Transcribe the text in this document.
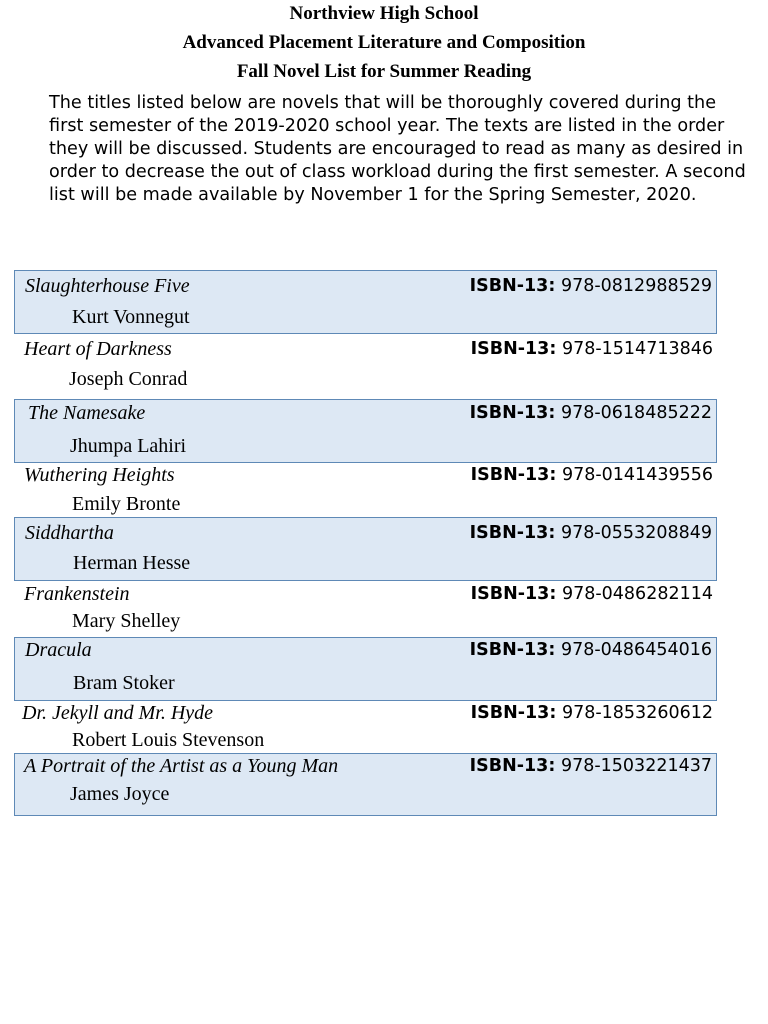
Northview High School
Advanced Placement Literature and Composition
Fall Novel List for Summer Reading

The titles listed below are novels that will be thoroughly covered during the first semester of the 2019-2020 school year. The texts are listed in the order they will be discussed. Students are encouraged to read as many as desired in order to decrease the out of class workload during the first semester. A second list will be made available by November 1 for the Spring Semester, 2020.

Slaughterhouse Five	ISBN-13: 978-0812988529
Kurt Vonnegut
Heart of Darkness	ISBN-13: 978-1514713846
Joseph Conrad
The Namesake	ISBN-13: 978-0618485222
Jhumpa Lahiri
Wuthering Heights	ISBN-13: 978-0141439556
Emily Bronte
Siddhartha	ISBN-13: 978-0553208849
Herman Hesse
Frankenstein	ISBN-13: 978-0486282114
Mary Shelley
Dracula	ISBN-13: 978-0486454016
Bram Stoker
Dr. Jekyll and Mr. Hyde	ISBN-13: 978-1853260612
Robert Louis Stevenson
A Portrait of the Artist as a Young Man	ISBN-13: 978-1503221437
James Joyce
